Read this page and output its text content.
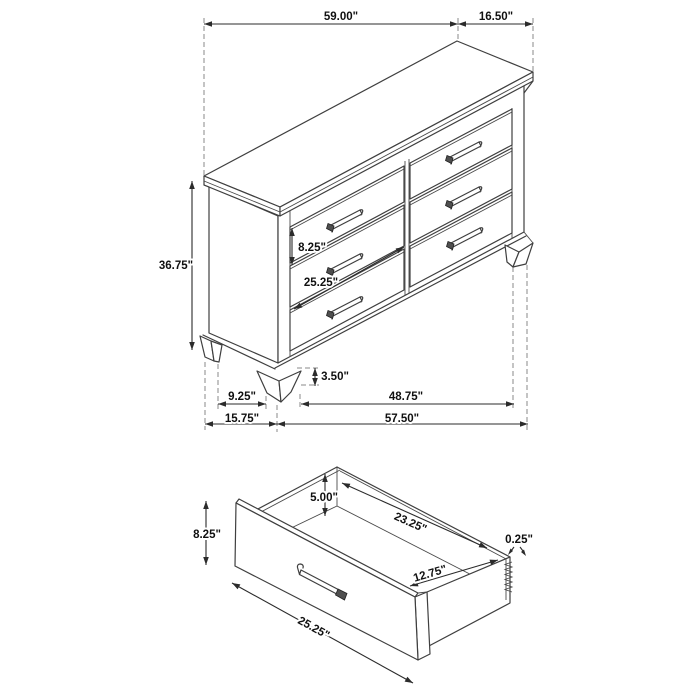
59.00"	16.50"
36.75"
8.25"
25.25"
9.25"
15.75"
3.50"
48.75"
57.50"
8.25"
5.00"
23.25"
0.25"
12.75"
25.25"
